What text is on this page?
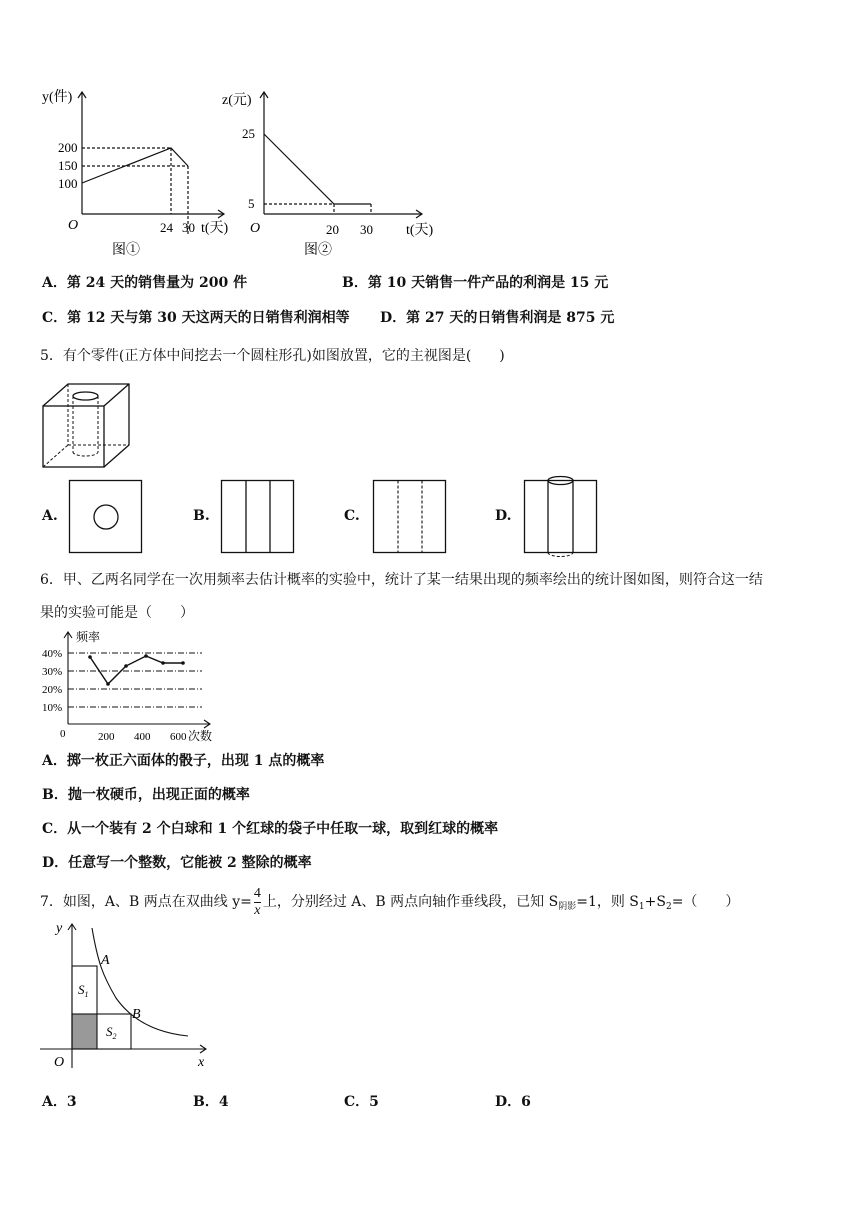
y(件)
200
150
100
O	24 30 t(天)
图①
z(元)
25
5
O	20 30 t(天)
图②
A．第 24 天的销售量为 200 件	B．第 10 天销售一件产品的利润是 15 元
C．第 12 天与第 30 天这两天的日销售利润相等 D．第 27 天的日销售利润是 875 元
5．有个零件(正方体中间挖去一个圆柱形孔)如图放置，它的主视图是(　　)
A.	B.	C.	D.
6．甲、乙两名同学在一次用频率去估计概率的实验中，统计了某一结果出现的频率绘出的统计图如图，则符合这一结
果的实验可能是（　　）
频率
40%
30%
20%
10%
0	200 400 600 次数
A．掷一枚正六面体的骰子，出现 1 点的概率
B．抛一枚硬币，出现正面的概率
C．从一个装有 2 个白球和 1 个红球的袋子中任取一球，取到红球的概率
D．任意写一个整数，它能被 2 整除的概率
7．如图，A、B 两点在双曲线 $y= \frac{4}{x}$ 上，分别经过 A、B 两点向轴作垂线段，已知 $S_{阴影}=1$，则 $S_1+S_2=$（　　）
y
A
B
$S_1$
$S_2$
O	x
A．3	B．4	C．5	D．6
